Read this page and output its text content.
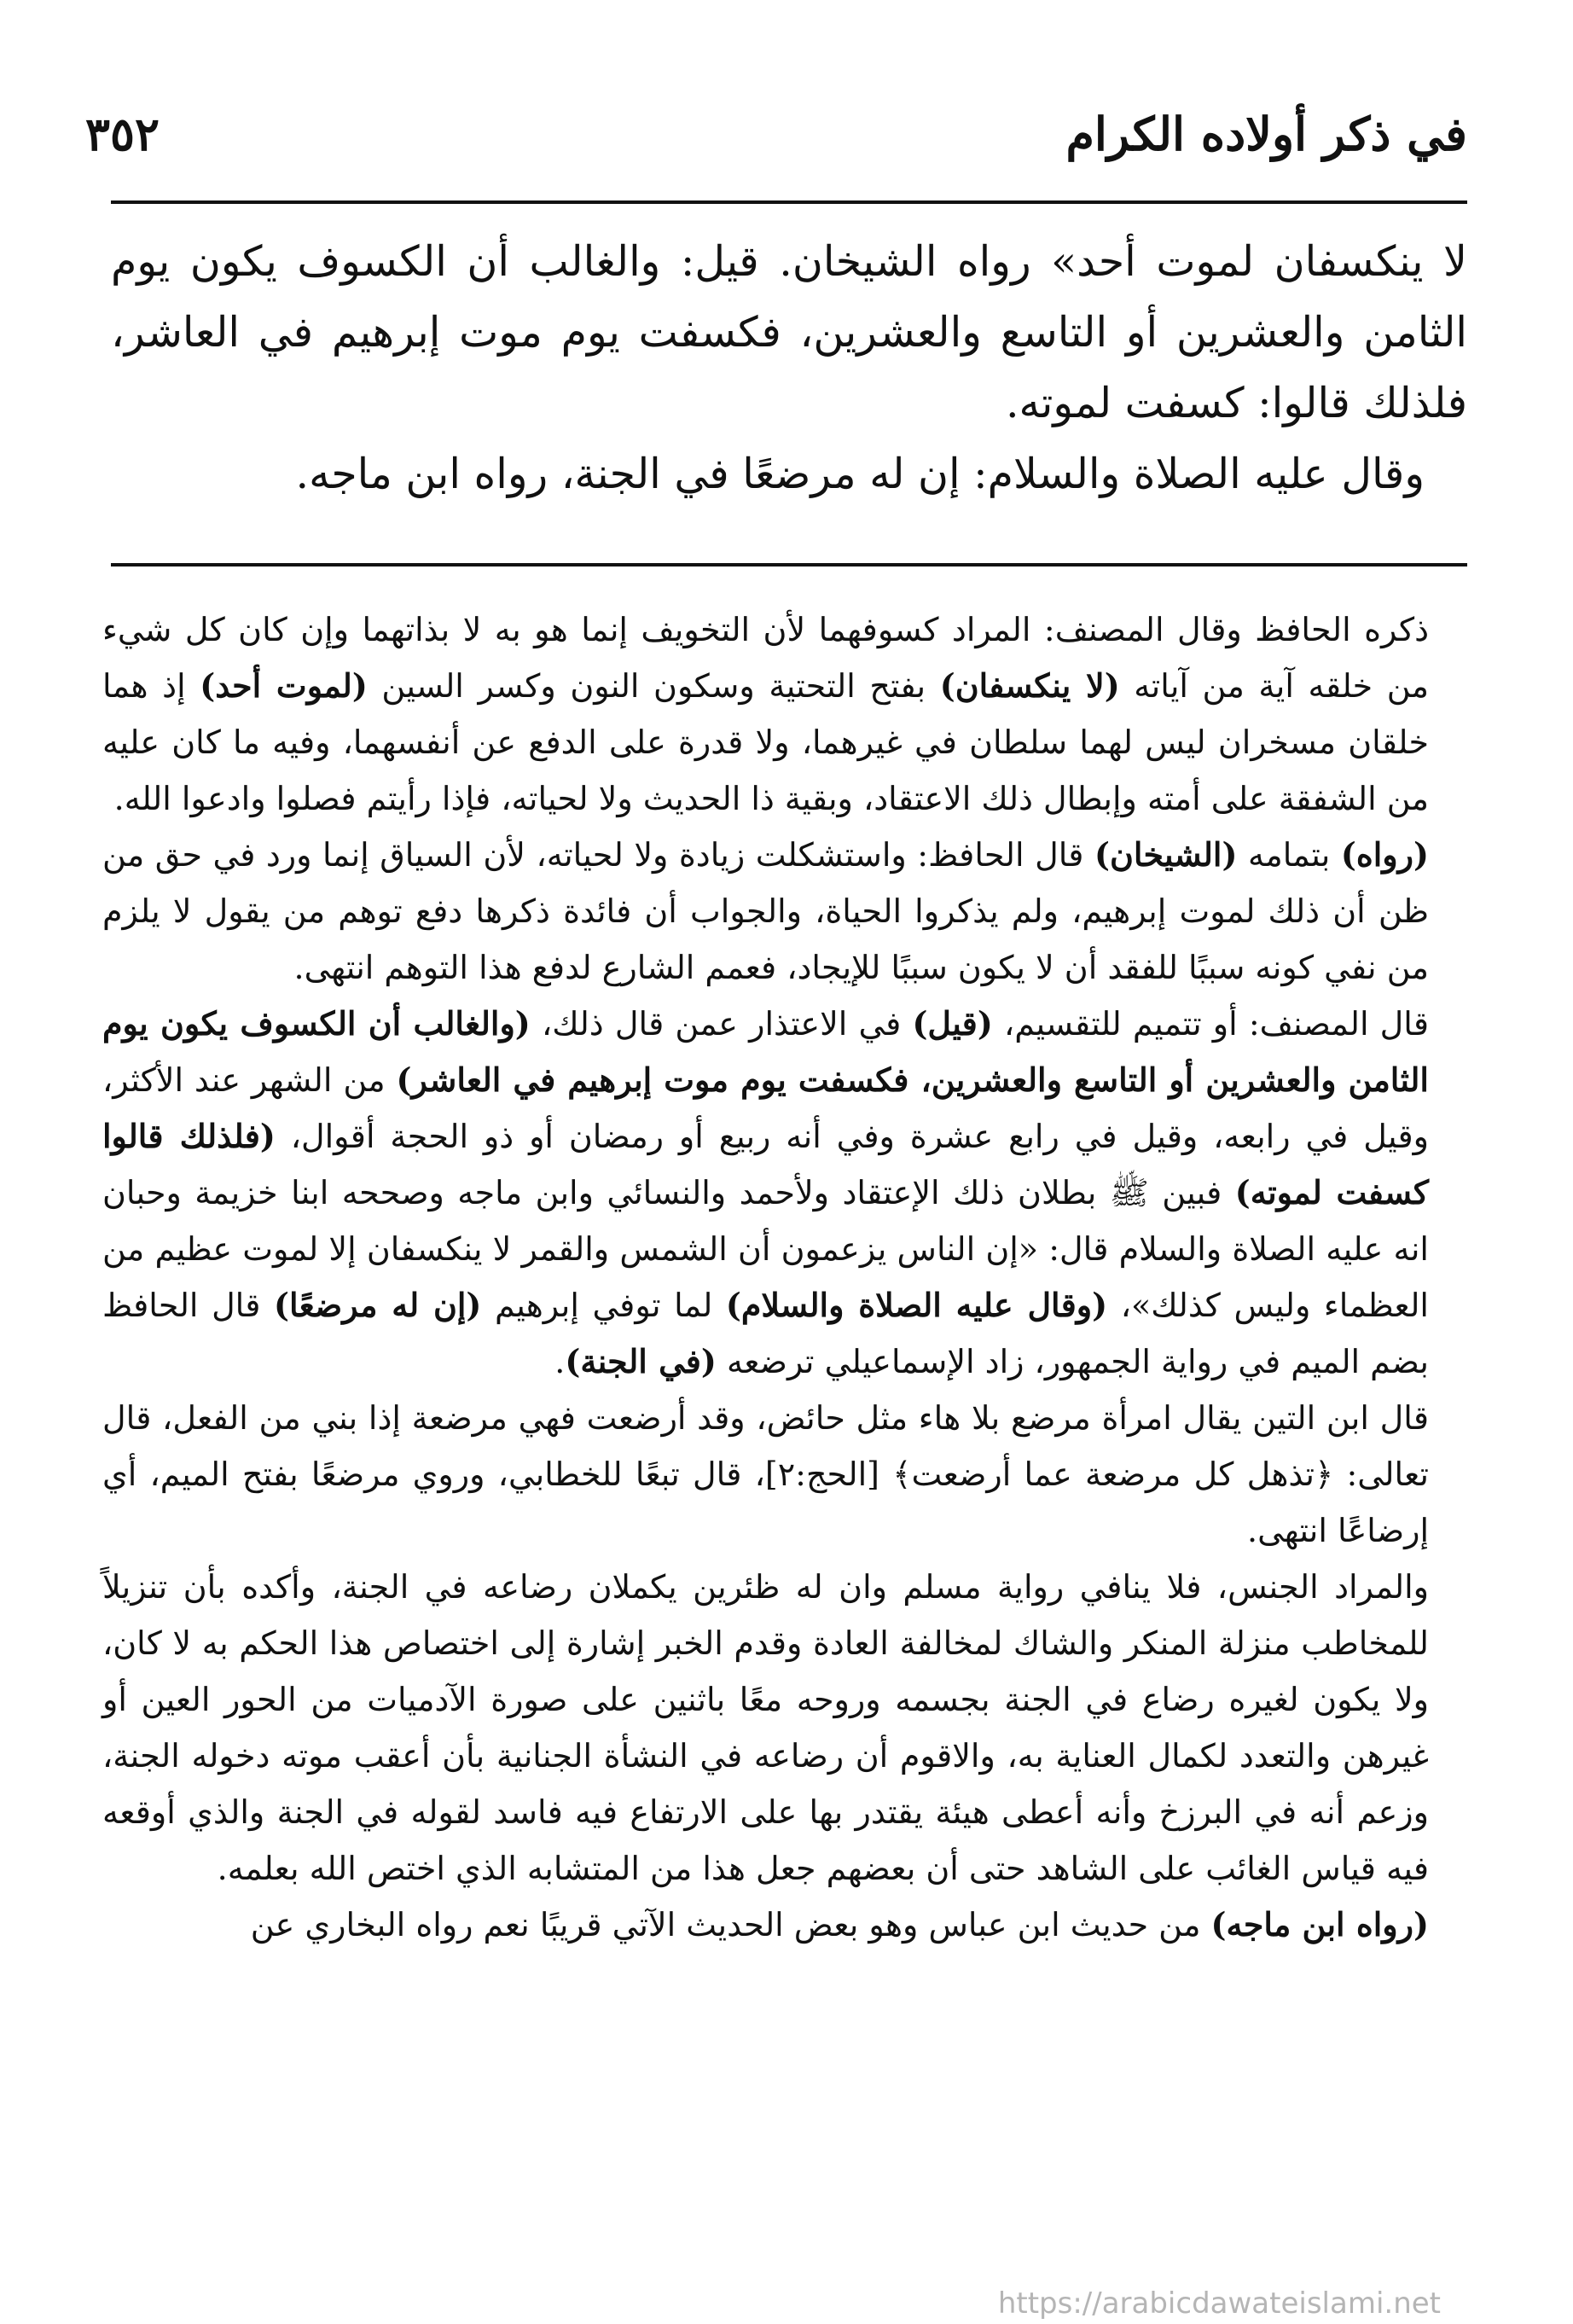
٣٥٢	في ذكر أولاده الكرام

لا ينكسفان لموت أحد» رواه الشيخان. قيل: والغالب أن الكسوف يكون يوم الثامن والعشرين أو التاسع والعشرين، فكسفت يوم موت إبرهيم في العاشر، فلذلك قالوا: كسفت لموته.

وقال عليه الصلاة والسلام: إن له مرضعًا في الجنة، رواه ابن ماجه.

ذكره الحافظ وقال المصنف: المراد كسوفهما لأن التخويف إنما هو به لا بذاتهما وإن كان كل شيء من خلقه آية من آياته (لا ينكسفان) بفتح التحتية وسكون النون وكسر السين (لموت أحد) إذ هما خلقان مسخران ليس لهما سلطان في غيرهما، ولا قدرة على الدفع عن أنفسهما، وفيه ما كان عليه من الشفقة على أمته وإبطال ذلك الاعتقاد، وبقية ذا الحديث ولا لحياته، فإذا رأيتم فصلوا وادعوا الله.

(رواه) بتمامه (الشيخان) قال الحافظ: واستشكلت زيادة ولا لحياته، لأن السياق إنما ورد في حق من ظن أن ذلك لموت إبرهيم، ولم يذكروا الحياة، والجواب أن فائدة ذكرها دفع توهم من يقول لا يلزم من نفي كونه سببًا للفقد أن لا يكون سببًا للإيجاد، فعمم الشارع لدفع هذا التوهم انتهى.

قال المصنف: أو تتميم للتقسيم، (قيل) في الاعتذار عمن قال ذلك، (والغالب أن الكسوف يكون يوم الثامن والعشرين أو التاسع والعشرين، فكسفت يوم موت إبرهيم في العاشر) من الشهر عند الأكثر، وقيل في رابعه، وقيل في رابع عشرة وفي أنه ربيع أو رمضان أو ذو الحجة أقوال، (فلذلك قالوا كسفت لموته) فبين ﷺ بطلان ذلك الإعتقاد ولأحمد والنسائي وابن ماجه وصححه ابنا خزيمة وحبان انه عليه الصلاة والسلام قال: «إن الناس يزعمون أن الشمس والقمر لا ينكسفان إلا لموت عظيم من العظماء وليس كذلك»، (وقال عليه الصلاة والسلام) لما توفي إبرهيم (إن له مرضعًا) قال الحافظ بضم الميم في رواية الجمهور، زاد الإسماعيلي ترضعه (في الجنة).

قال ابن التين يقال امرأة مرضع بلا هاء مثل حائض، وقد أرضعت فهي مرضعة إذا بني من الفعل، قال تعالى: ﴿تذهل كل مرضعة عما أرضعت﴾ [الحج:٢]، قال تبعًا للخطابي، وروي مرضعًا بفتح الميم، أي إرضاعًا انتهى.

والمراد الجنس، فلا ينافي رواية مسلم وان له ظئرين يكملان رضاعه في الجنة، وأكده بأن تنزيلاً للمخاطب منزلة المنكر والشاك لمخالفة العادة وقدم الخبر إشارة إلى اختصاص هذا الحكم به لا كان، ولا يكون لغيره رضاع في الجنة بجسمه وروحه معًا باثنين على صورة الآدميات من الحور العين أو غيرهن والتعدد لكمال العناية به، والاقوم أن رضاعه في النشأة الجنانية بأن أعقب موته دخوله الجنة، وزعم أنه في البرزخ وأنه أعطى هيئة يقتدر بها على الارتفاع فيه فاسد لقوله في الجنة والذي أوقعه فيه قياس الغائب على الشاهد حتى أن بعضهم جعل هذا من المتشابه الذي اختص الله بعلمه.

(رواه ابن ماجه) من حديث ابن عباس وهو بعض الحديث الآتي قريبًا نعم رواه البخاري عن

https://arabicdawateislami.net
